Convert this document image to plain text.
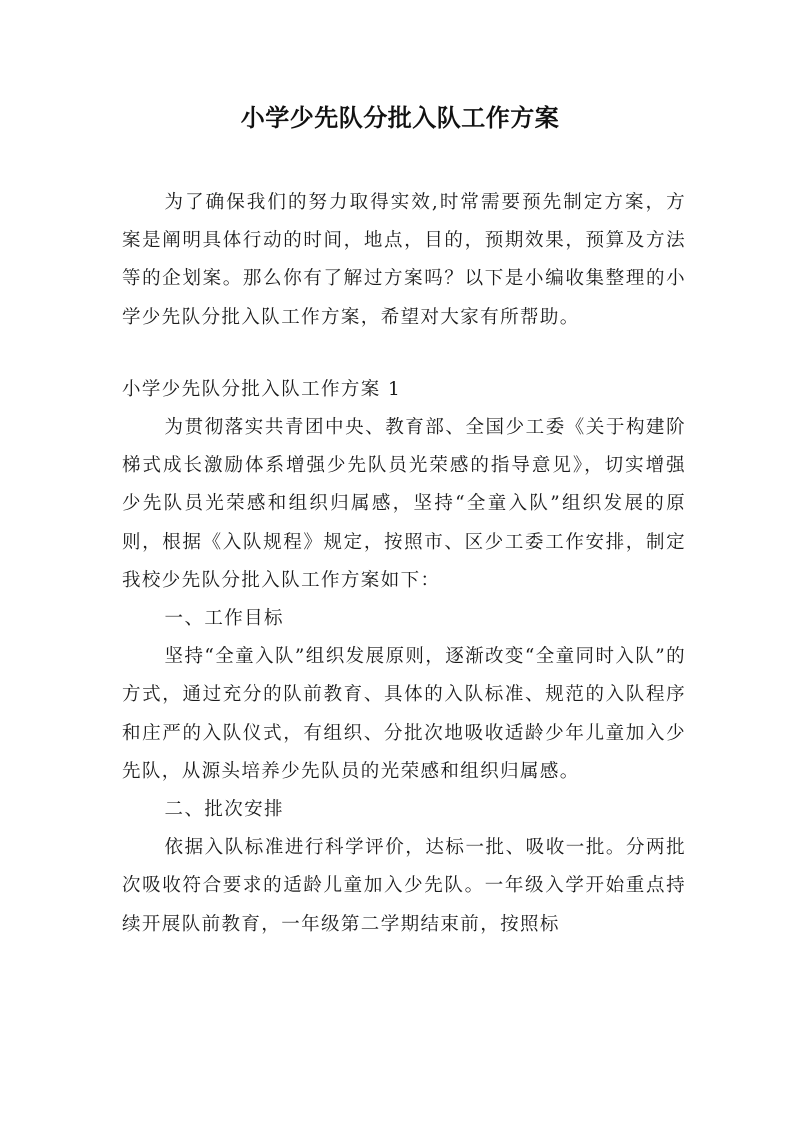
小学少先队分批入队工作方案

为了确保我们的努力取得实效,时常需要预先制定方案，方案是阐明具体行动的时间，地点，目的，预期效果，预算及方法等的企划案。那么你有了解过方案吗？以下是小编收集整理的小学少先队分批入队工作方案，希望对大家有所帮助。

小学少先队分批入队工作方案 1

为贯彻落实共青团中央、教育部、全国少工委《关于构建阶梯式成长激励体系增强少先队员光荣感的指导意见》，切实增强少先队员光荣感和组织归属感，坚持“全童入队”组织发展的原则，根据《入队规程》规定，按照市、区少工委工作安排，制定我校少先队分批入队工作方案如下：

一、工作目标

坚持“全童入队”组织发展原则，逐渐改变“全童同时入队”的方式，通过充分的队前教育、具体的入队标准、规范的入队程序和庄严的入队仪式，有组织、分批次地吸收适龄少年儿童加入少先队，从源头培养少先队员的光荣感和组织归属感。

二、批次安排

依据入队标准进行科学评价，达标一批、吸收一批。分两批次吸收符合要求的适龄儿童加入少先队。一年级入学开始重点持续开展队前教育，一年级第二学期结束前，按照标
